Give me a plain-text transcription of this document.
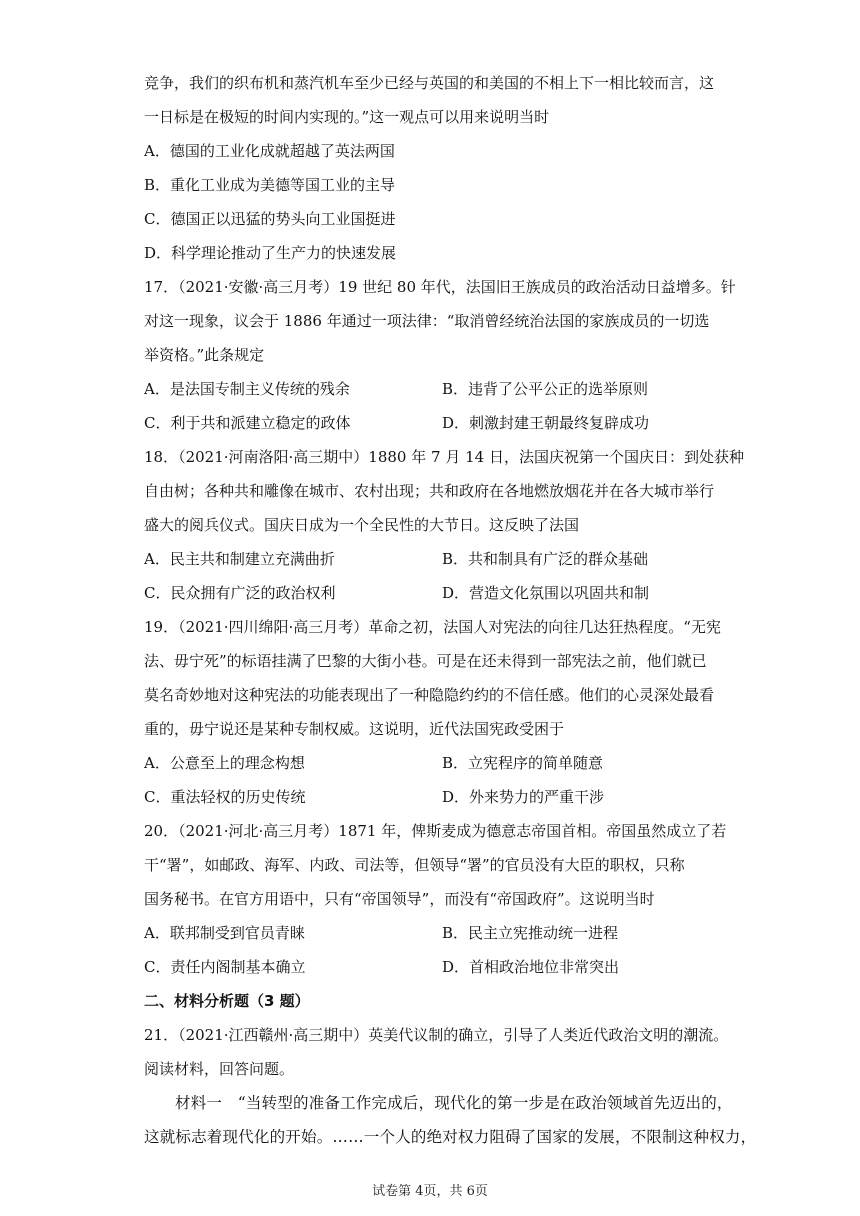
竞争，我们的织布机和蒸汽机车至少已经与英国的和美国的不相上下一相比较而言，这
一日标是在极短的时间内实现的。”这一观点可以用来说明当时
A．德国的工业化成就超越了英法两国
B．重化工业成为美德等国工业的主导
C．德国正以迅猛的势头向工业国挺进
D．科学理论推动了生产力的快速发展
17．（2021·安徽·高三月考）19 世纪 80 年代，法国旧王族成员的政治活动日益增多。针
对这一现象，议会于 1886 年通过一项法律：“取消曾经统治法国的家族成员的一切选
举资格。”此条规定
A．是法国专制主义传统的残余	B．违背了公平公正的选举原则
C．利于共和派建立稳定的政体	D．刺激封建王朝最终复辟成功
18．（2021·河南洛阳·高三期中）1880 年 7 月 14 日，法国庆祝第一个国庆日：到处获种
自由树；各种共和雕像在城市、农村出现；共和政府在各地燃放烟花并在各大城市举行
盛大的阅兵仪式。国庆日成为一个全民性的大节日。这反映了法国
A．民主共和制建立充满曲折	B．共和制具有广泛的群众基础
C．民众拥有广泛的政治权利	D．营造文化氛围以巩固共和制
19．（2021·四川绵阳·高三月考）革命之初，法国人对宪法的向往几达狂热程度。“无宪
法、毋宁死”的标语挂满了巴黎的大街小巷。可是在还未得到一部宪法之前，他们就已
莫名奇妙地对这种宪法的功能表现出了一种隐隐约约的不信任感。他们的心灵深处最看
重的，毋宁说还是某种专制权威。这说明，近代法国宪政受困于
A．公意至上的理念构想	B．立宪程序的简单随意
C．重法轻权的历史传统	D．外来势力的严重干涉
20．（2021·河北·高三月考）1871 年，俾斯麦成为德意志帝国首相。帝国虽然成立了若
干“署”，如邮政、海军、内政、司法等，但领导“署”的官员没有大臣的职权，只称
国务秘书。在官方用语中，只有“帝国领导”，而没有“帝国政府”。这说明当时
A．联邦制受到官员青睐	B．民主立宪推动统一进程
C．责任内阁制基本确立	D．首相政治地位非常突出
二、材料分析题（3 题）
21．（2021·江西赣州·高三期中）英美代议制的确立，引导了人类近代政治文明的潮流。
阅读材料，回答问题。
材料一　“当转型的准备工作完成后，现代化的第一步是在政治领域首先迈出的，
这就标志着现代化的开始。……一个人的绝对权力阻碍了国家的发展，不限制这种权力，
试卷第 4页，共 6页
